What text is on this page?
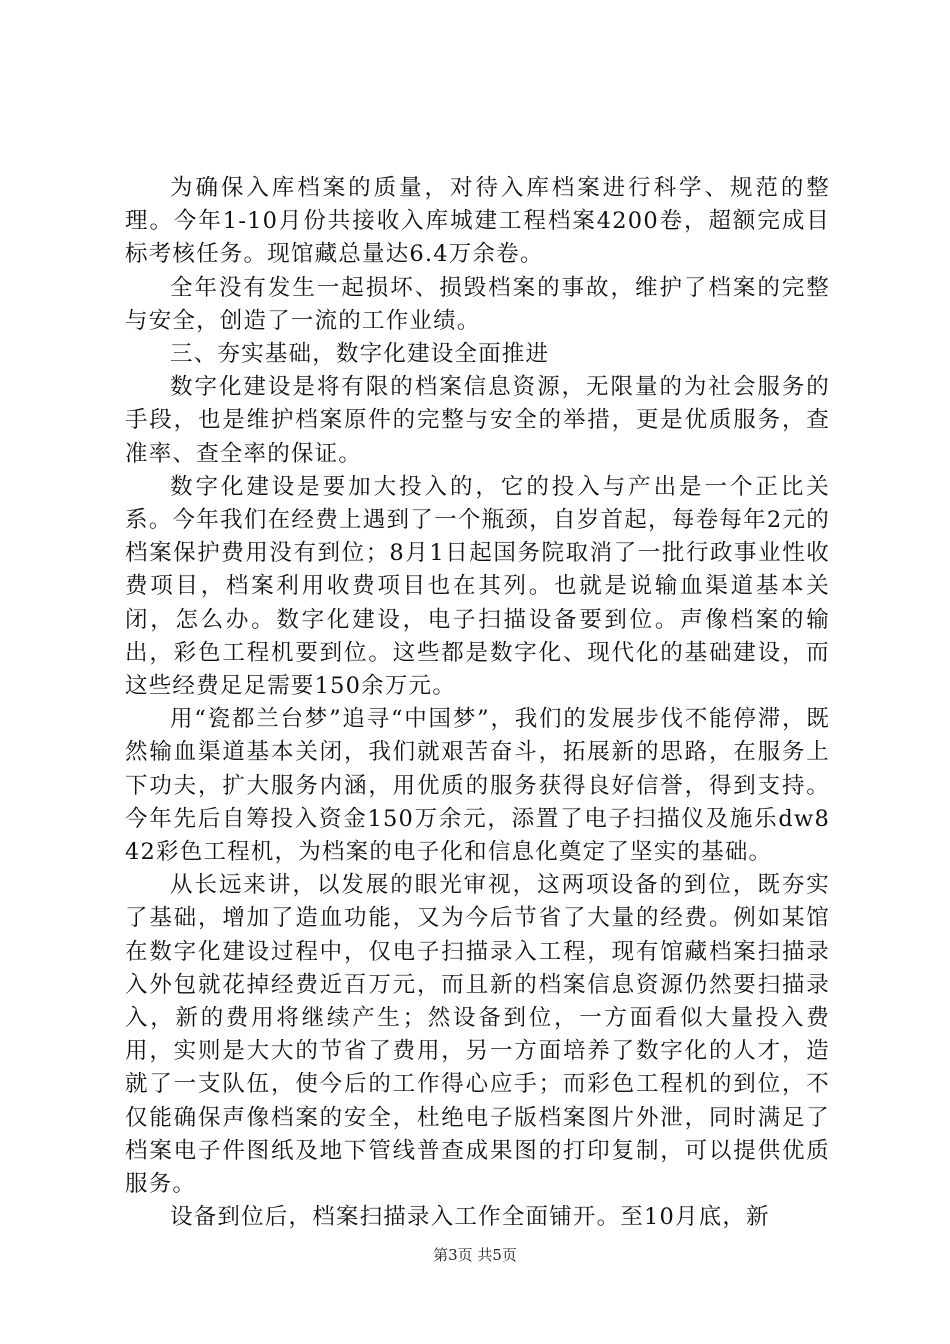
为确保入库档案的质量，对待入库档案进行科学、规范的整理。今年1-10月份共接收入库城建工程档案4200卷，超额完成目标考核任务。现馆藏总量达6.4万余卷。

全年没有发生一起损坏、损毁档案的事故，维护了档案的完整与安全，创造了一流的工作业绩。

三、夯实基础，数字化建设全面推进

数字化建设是将有限的档案信息资源，无限量的为社会服务的手段，也是维护档案原件的完整与安全的举措，更是优质服务，查准率、查全率的保证。

数字化建设是要加大投入的，它的投入与产出是一个正比关系。今年我们在经费上遇到了一个瓶颈，自岁首起，每卷每年2元的档案保护费用没有到位；8月1日起国务院取消了一批行政事业性收费项目，档案利用收费项目也在其列。也就是说输血渠道基本关闭，怎么办。数字化建设，电子扫描设备要到位。声像档案的输出，彩色工程机要到位。这些都是数字化、现代化的基础建设，而这些经费足足需要150余万元。

用“瓷都兰台梦”追寻“中国梦”，我们的发展步伐不能停滞，既然输血渠道基本关闭，我们就艰苦奋斗，拓展新的思路，在服务上下功夫，扩大服务内涵，用优质的服务获得良好信誉，得到支持。今年先后自筹投入资金150万余元，添置了电子扫描仪及施乐dw842彩色工程机，为档案的电子化和信息化奠定了坚实的基础。

从长远来讲，以发展的眼光审视，这两项设备的到位，既夯实了基础，增加了造血功能，又为今后节省了大量的经费。例如某馆在数字化建设过程中，仅电子扫描录入工程，现有馆藏档案扫描录入外包就花掉经费近百万元，而且新的档案信息资源仍然要扫描录入，新的费用将继续产生；然设备到位，一方面看似大量投入费用，实则是大大的节省了费用，另一方面培养了数字化的人才，造就了一支队伍，使今后的工作得心应手；而彩色工程机的到位，不仅能确保声像档案的安全，杜绝电子版档案图片外泄，同时满足了档案电子件图纸及地下管线普查成果图的打印复制，可以提供优质服务。

设备到位后，档案扫描录入工作全面铺开。至10月底，新

第3页 共5页
